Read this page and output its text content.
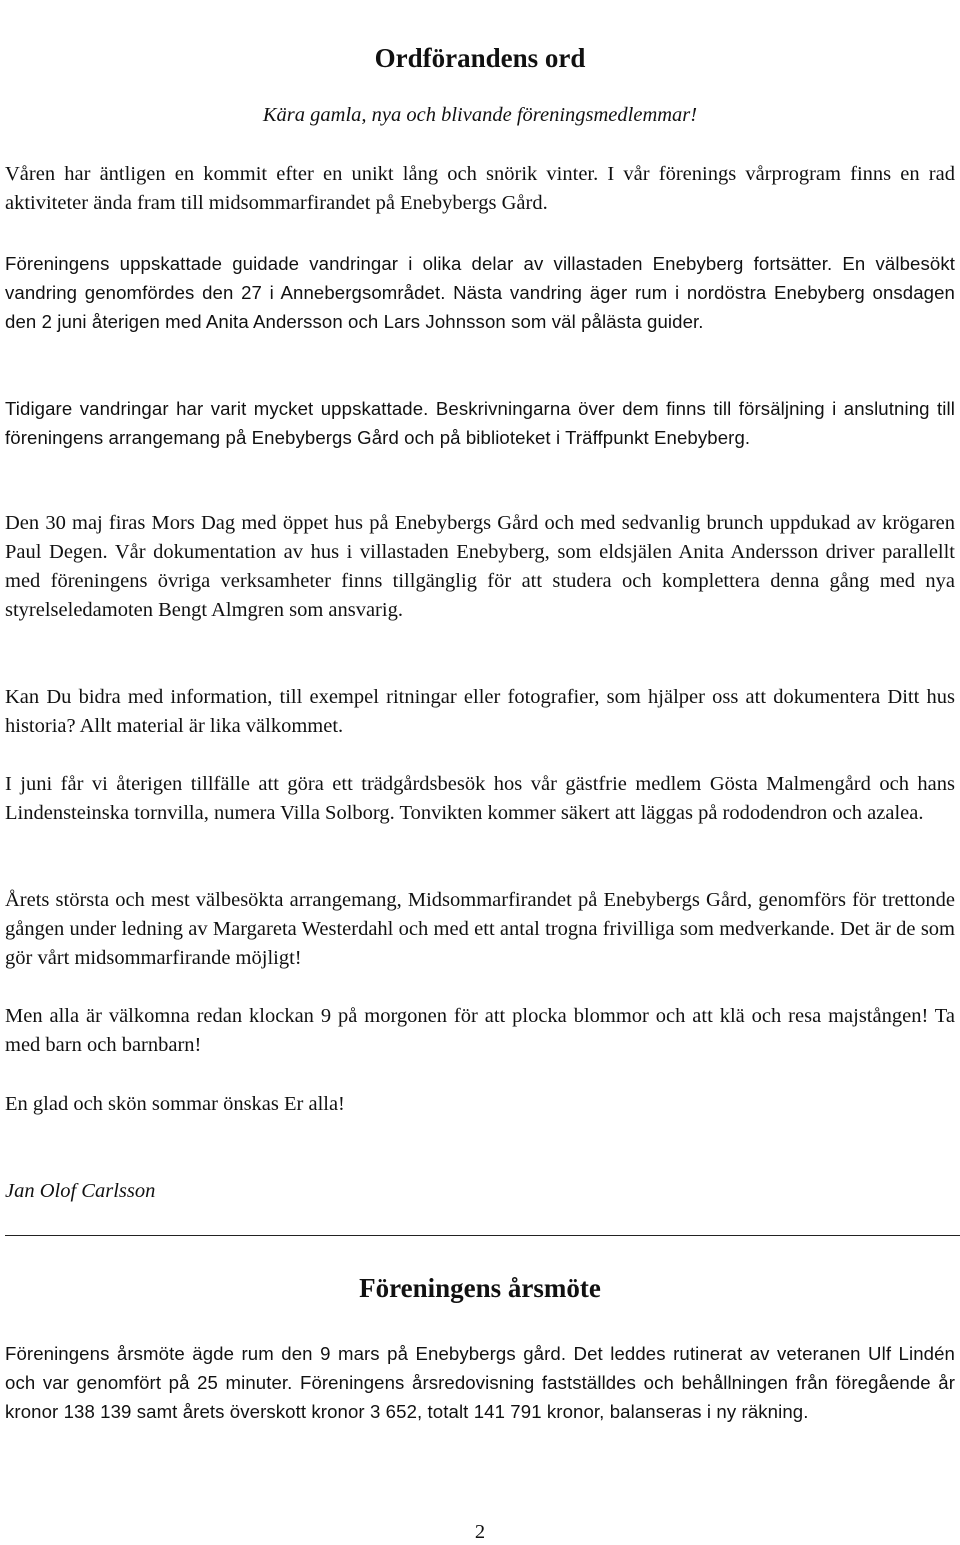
Ordförandens ord
Kära gamla, nya och blivande föreningsmedlemmar!

Våren har äntligen en kommit efter en unikt lång och snörik vinter. I vår förenings vårprogram finns en rad aktiviteter ända fram till midsommarfirandet på Enebybergs Gård.

Föreningens uppskattade guidade vandringar i olika delar av villastaden Enebyberg fortsätter. En välbesökt vandring genomfördes den 27 i Annebergsområdet. Nästa vandring äger rum i nordöstra Enebyberg onsdagen den 2 juni återigen med Anita Andersson och Lars Johnsson som väl pålästa guider.

Tidigare vandringar har varit mycket uppskattade. Beskrivningarna över dem finns till försäljning i anslutning till föreningens arrangemang på Enebybergs Gård och på biblioteket i Träffpunkt Enebyberg.

Den 30 maj firas Mors Dag med öppet hus på Enebybergs Gård och med sedvanlig brunch uppdukad av krögaren Paul Degen. Vår dokumentation av hus i villastaden Enebyberg, som eldsjälen Anita Andersson driver parallellt med föreningens övriga verksamheter finns tillgänglig för att studera och komplettera denna gång med nya styrelseledamoten Bengt Almgren som ansvarig.

Kan Du bidra med information, till exempel ritningar eller fotografier, som hjälper oss att dokumentera Ditt hus historia? Allt material är lika välkommet.

I juni får vi återigen tillfälle att göra ett trädgårdsbesök hos vår gästfrie medlem Gösta Malmengård och hans Lindensteinska tornvilla, numera Villa Solborg. Tonvikten kommer säkert att läggas på rododendron och azalea.

Årets största och mest välbesökta arrangemang, Midsommarfirandet på Enebybergs Gård, genomförs för trettonde gången under ledning av Margareta Westerdahl och med ett antal trogna frivilliga som medverkande. Det är de som gör vårt midsommarfirande möjligt!

Men alla är välkomna redan klockan 9 på morgonen för att plocka blommor och att klä och resa majstången! Ta med barn och barnbarn!

En glad och skön sommar önskas Er alla!

Jan Olof Carlsson
Föreningens årsmöte

Föreningens årsmöte ägde rum den 9 mars på Enebybergs gård. Det leddes rutinerat av veteranen Ulf Lindén och var genomfört på 25 minuter. Föreningens årsredovisning fastställdes och behållningen från föregående år kronor 138 139 samt årets överskott kronor 3 652, totalt 141 791 kronor, balanseras i ny räkning.

2
